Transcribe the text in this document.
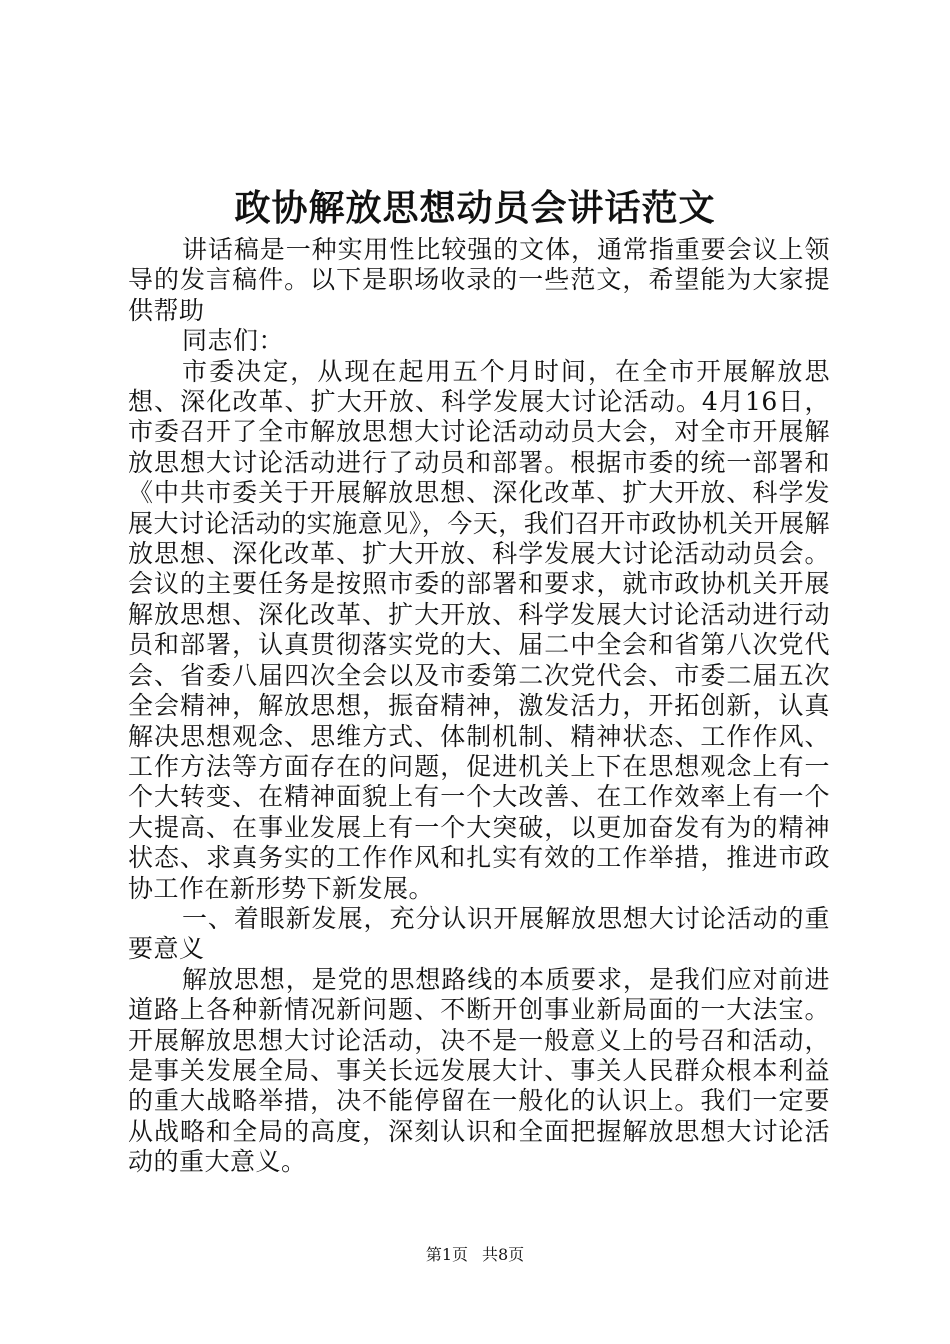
政协解放思想动员会讲话范文

讲话稿是一种实用性比较强的文体，通常指重要会议上领导的发言稿件。以下是职场收录的一些范文，希望能为大家提供帮助

同志们：

市委决定，从现在起用五个月时间，在全市开展解放思想、深化改革、扩大开放、科学发展大讨论活动。4月16日，市委召开了全市解放思想大讨论活动动员大会，对全市开展解放思想大讨论活动进行了动员和部署。根据市委的统一部署和《中共市委关于开展解放思想、深化改革、扩大开放、科学发展大讨论活动的实施意见》，今天，我们召开市政协机关开展解放思想、深化改革、扩大开放、科学发展大讨论活动动员会。会议的主要任务是按照市委的部署和要求，就市政协机关开展解放思想、深化改革、扩大开放、科学发展大讨论活动进行动员和部署，认真贯彻落实党的大、届二中全会和省第八次党代会、省委八届四次全会以及市委第二次党代会、市委二届五次全会精神，解放思想，振奋精神，激发活力，开拓创新，认真解决思想观念、思维方式、体制机制、精神状态、工作作风、工作方法等方面存在的问题，促进机关上下在思想观念上有一个大转变、在精神面貌上有一个大改善、在工作效率上有一个大提高、在事业发展上有一个大突破，以更加奋发有为的精神状态、求真务实的工作作风和扎实有效的工作举措，推进市政协工作在新形势下新发展。

一、着眼新发展，充分认识开展解放思想大讨论活动的重要意义

解放思想，是党的思想路线的本质要求，是我们应对前进道路上各种新情况新问题、不断开创事业新局面的一大法宝。开展解放思想大讨论活动，决不是一般意义上的号召和活动，是事关发展全局、事关长远发展大计、事关人民群众根本利益的重大战略举措，决不能停留在一般化的认识上。我们一定要从战略和全局的高度，深刻认识和全面把握解放思想大讨论活动的重大意义。

第1页 共8页
